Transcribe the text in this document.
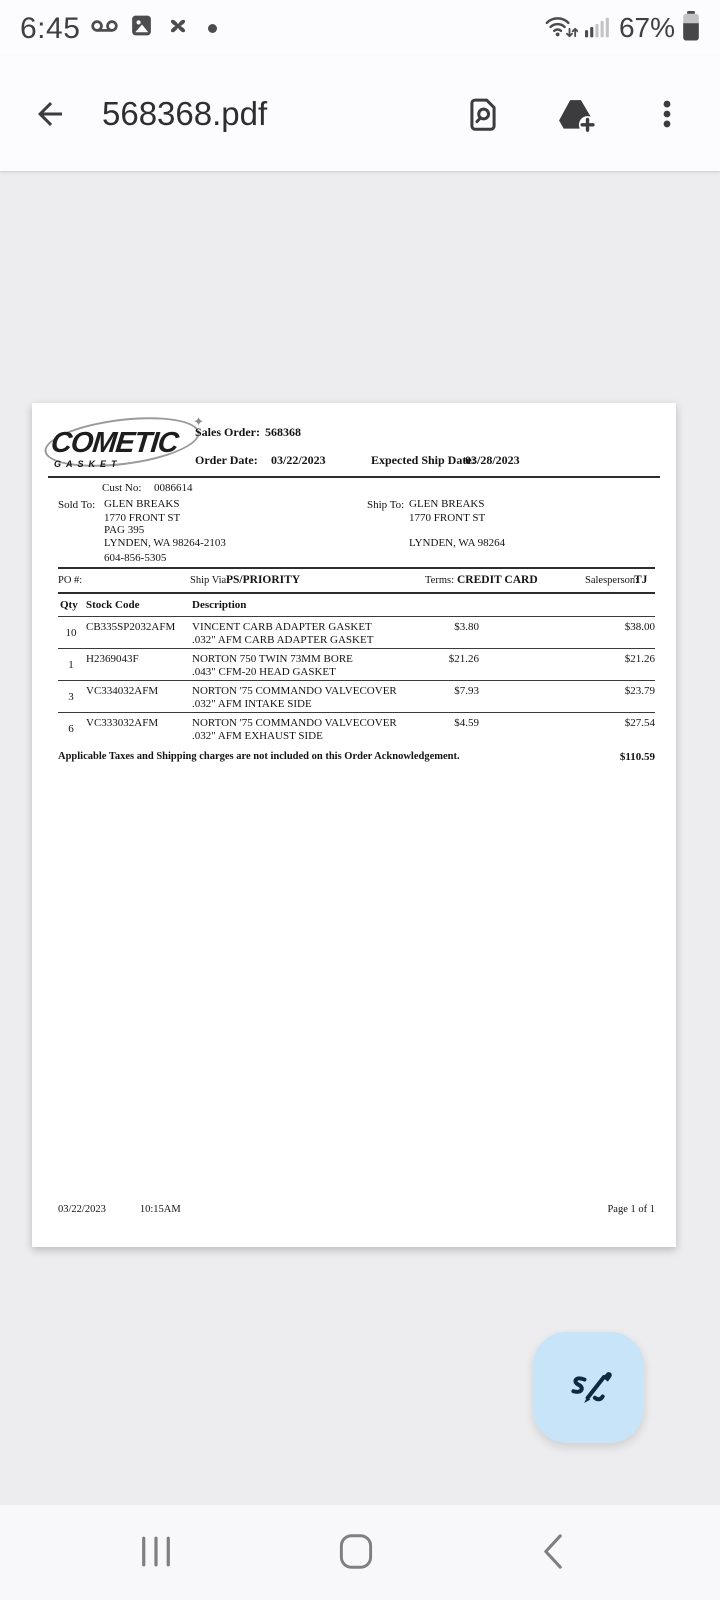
6:45	67%
568368.pdf
✦
COMETIC
GASKET
Sales Order: 568368
Order Date: 03/22/2023	Expected Ship Date:
03/28/2023
Cust No: 0086614
Sold To: GLEN BREAKS
1770 FRONT ST
PAG 395
LYNDEN, WA 98264-2103
604-856-5305
Ship To: GLEN BREAKS
1770 FRONT ST
LYNDEN, WA 98264
PO #:	Ship Via:
PS/PRIORITY	Terms: CREDIT CARD	Salesperson:
TJ
Qty Stock Code	Description
10 CB335SP2032AFM VINCENT CARB ADAPTER GASKET
.032" AFM CARB ADAPTER GASKET
$3.80	$38.00
1	H2369043F	NORTON 750 TWIN 73MM BORE
.043" CFM-20 HEAD GASKET
$21.26	$21.26
3	VC334032AFM	NORTON '75 COMMANDO VALVECOVER
.032" AFM INTAKE SIDE
$7.93	$23.79
6	VC333032AFM	NORTON '75 COMMANDO VALVECOVER
.032" AFM EXHAUST SIDE
$4.59	$27.54
Applicable Taxes and Shipping charges are not included on this Order Acknowledgement.	$110.59
03/22/2023	10:15AM	Page 1 of 1
